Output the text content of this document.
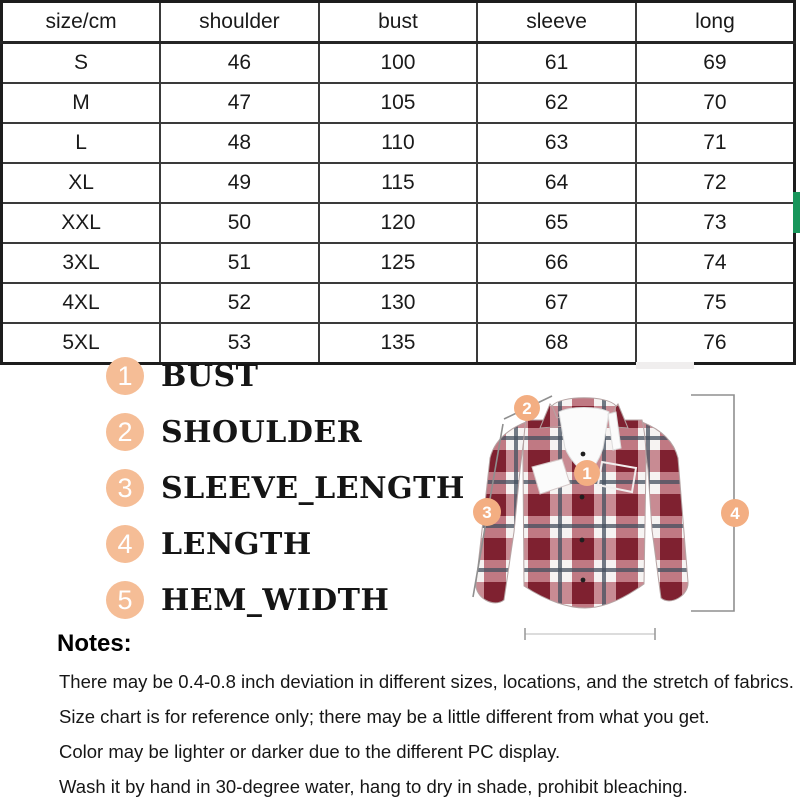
size/cm	shoulder	bust	sleeve	long
S	46	100	61	69
M	47	105	62	70
L	48	110	63	71
XL	49	115	64	72
XXL	50	120	65	73
3XL	51	125	66	74
4XL	52	130	67	75
5XL	53	135	68	76
1 BUST
2 SHOULDER
3 SLEEVE_LENGTH
4 LENGTH
5 HEM_WIDTH
1
2
3	4

Notes:

There may be 0.4-0.8 inch deviation in different sizes, locations, and the stretch of fabrics.

Size chart is for reference only; there may be a little different from what you get.

Color may be lighter or darker due to the different PC display.

Wash it by hand in 30-degree water, hang to dry in shade, prohibit bleaching.
